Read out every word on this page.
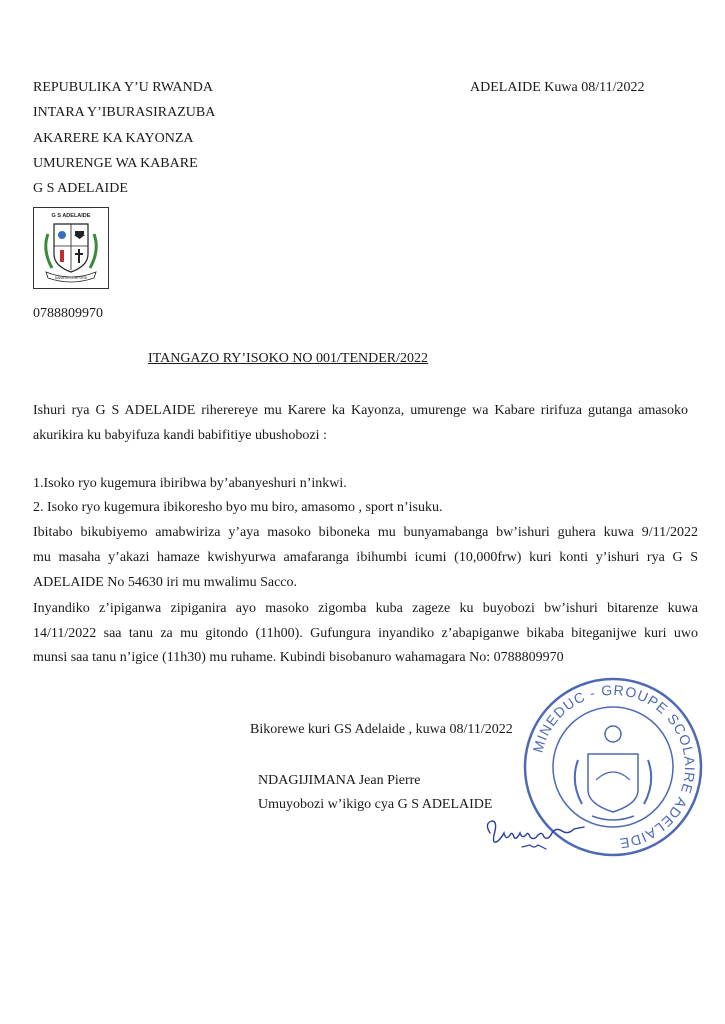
REPUBULIKA Y’U RWANDA
INTARA Y’IBURASIRAZUBA
AKARERE KA KAYONZA
UMURENGE WA KABARE
G S ADELAIDE
ADELAIDE Kuwa 08/11/2022
G S ADELAIDE
SANA IN CORPORE
0788809970
ITANGAZO RY’ISOKO NO 001/TENDER/2022
Ishuri rya G S ADELAIDE riherereye mu Karere ka Kayonza, umurenge wa Kabare ririfuza gutanga amasoko
akurikira ku babyifuza kandi babifitiye ubushobozi :
1.Isoko ryo kugemura ibiribwa by’abanyeshuri n’inkwi.
2. Isoko ryo kugemura ibikoresho byo mu biro, amasomo , sport n’isuku.
Ibitabo bikubiyemo amabwiriza y’aya masoko biboneka mu bunyamabanga bw’ishuri guhera kuwa 9/11/2022
mu masaha y’akazi hamaze kwishyurwa amafaranga ibihumbi icumi (10,000frw) kuri konti y’ishuri rya G S
ADELAIDE No 54630 iri mu mwalimu Sacco.
Inyandiko z’ipiganwa zipiganira ayo masoko zigomba kuba zageze ku buyobozi bw’ishuri bitarenze kuwa
14/11/2022 saa tanu za mu gitondo (11h00). Gufungura inyandiko z’abapiganwe bikaba biteganijwe kuri uwo
munsi saa tanu n’igice (11h30) mu ruhame. Kubindi bisobanuro wahamagara No: 0788809970
Bikorewe kuri GS Adelaide , kuwa 08/11/2022
NDAGIJIMANA Jean Pierre
Umuyobozi w’ikigo cya G S ADELAIDE
MINEDUC - GROUPE SCOLAIRE ADELAIDE
